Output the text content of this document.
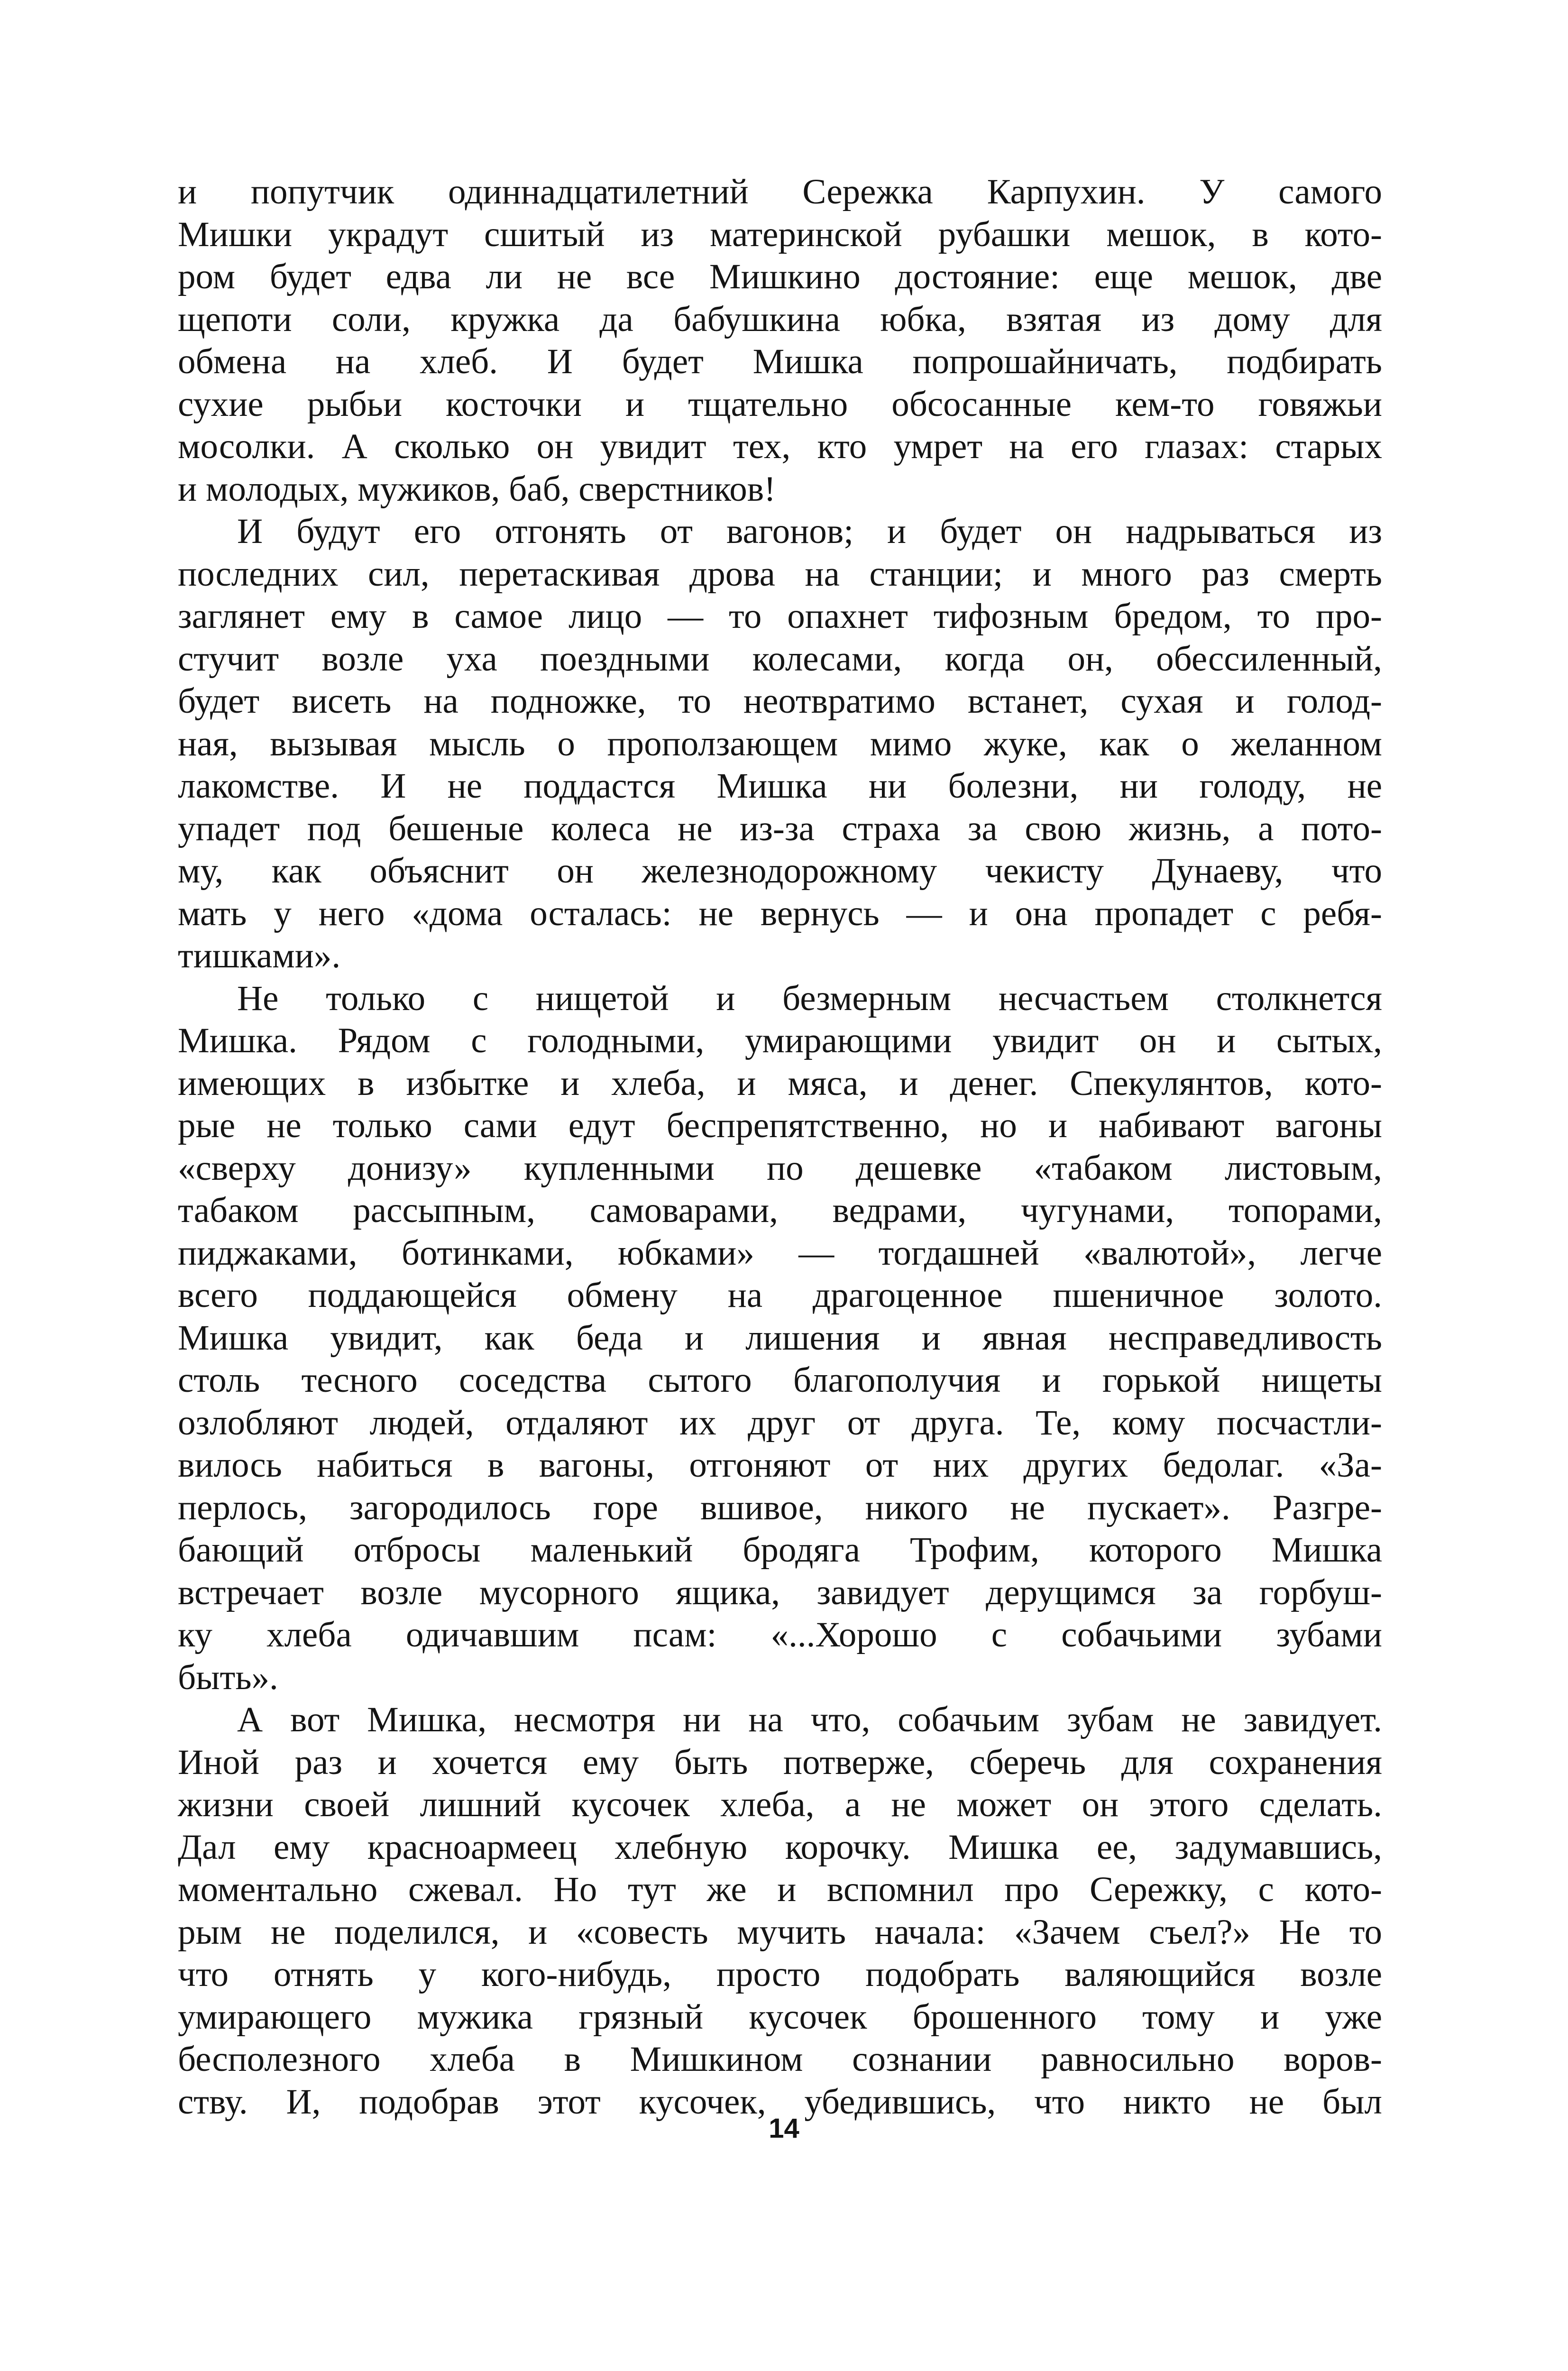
и попутчик одиннадцатилетний Сережка Карпухин. У самого
Мишки украдут сшитый из материнской рубашки мешок, в кото-
ром будет едва ли не все Мишкино достояние: еще мешок, две
щепоти соли, кружка да бабушкина юбка, взятая из дому для
обмена на хлеб. И будет Мишка попрошайничать, подбирать
сухие рыбьи косточки и тщательно обсосанные кем-то говяжьи
мосолки. А сколько он увидит тех, кто умрет на его глазах: старых
и молодых, мужиков, баб, сверстников!
И будут его отгонять от вагонов; и будет он надрываться из
последних сил, перетаскивая дрова на станции; и много раз смерть
заглянет ему в самое лицо — то опахнет тифозным бредом, то про-
стучит возле уха поездными колесами, когда он, обессиленный,
будет висеть на подножке, то неотвратимо встанет, сухая и голод-
ная, вызывая мысль о проползающем мимо жуке, как о желанном
лакомстве. И не поддастся Мишка ни болезни, ни голоду, не
упадет под бешеные колеса не из-за страха за свою жизнь, а пото-
му, как объяснит он железнодорожному чекисту Дунаеву, что
мать у него «дома осталась: не вернусь — и она пропадет с ребя-
тишками».
Не только с нищетой и безмерным несчастьем столкнется
Мишка. Рядом с голодными, умирающими увидит он и сытых,
имеющих в избытке и хлеба, и мяса, и денег. Спекулянтов, кото-
рые не только сами едут беспрепятственно, но и набивают вагоны
«сверху донизу» купленными по дешевке «табаком листовым,
табаком рассыпным, самоварами, ведрами, чугунами, топорами,
пиджаками, ботинками, юбками» — тогдашней «валютой», легче
всего поддающейся обмену на драгоценное пшеничное золото.
Мишка увидит, как беда и лишения и явная несправедливость
столь тесного соседства сытого благополучия и горькой нищеты
озлобляют людей, отдаляют их друг от друга. Те, кому посчастли-
вилось набиться в вагоны, отгоняют от них других бедолаг. «За-
перлось, загородилось горе вшивое, никого не пускает». Разгре-
бающий отбросы маленький бродяга Трофим, которого Мишка
встречает возле мусорного ящика, завидует дерущимся за горбуш-
ку хлеба одичавшим псам: «...Хорошо с собачьими зубами
быть».
А вот Мишка, несмотря ни на что, собачьим зубам не завидует.
Иной раз и хочется ему быть потверже, сберечь для сохранения
жизни своей лишний кусочек хлеба, а не может он этого сделать.
Дал ему красноармеец хлебную корочку. Мишка ее, задумавшись,
моментально сжевал. Но тут же и вспомнил про Сережку, с кото-
рым не поделился, и «совесть мучить начала: «Зачем съел?» Не то
что отнять у кого-нибудь, просто подобрать валяющийся возле
умирающего мужика грязный кусочек брошенного тому и уже
бесполезного хлеба в Мишкином сознании равносильно воров-
ству. И, подобрав этот кусочек, убедившись, что никто не был
14
